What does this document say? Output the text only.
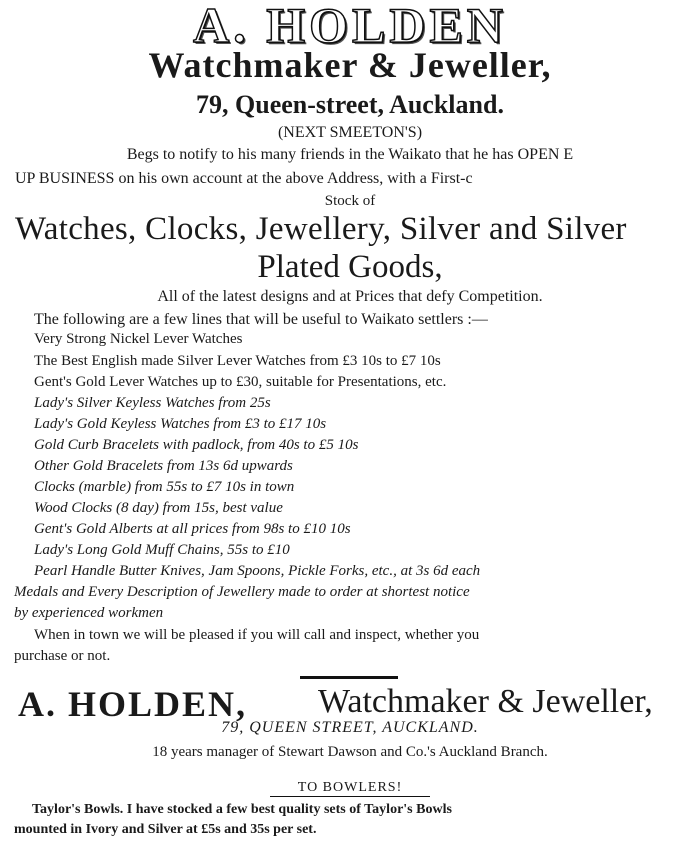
A. HOLDEN
Watchmaker & Jeweller,
79, Queen-street, Auckland.
(NEXT SMEETON'S)
Begs to notify to his many friends in the Waikato that he has OPEN E
UP BUSINESS on his own account at the above Address, with a First-c
Stock of
Watches, Clocks, Jewellery, Silver and Silver
Plated Goods,
All of the latest designs and at Prices that defy Competition.
The following are a few lines that will be useful to Waikato settlers :—
Very Strong Nickel Lever Watches
The Best English made Silver Lever Watches from £3 10s to £7 10s
Gent's Gold Lever Watches up to £30, suitable for Presentations, etc.
Lady's Silver Keyless Watches from 25s
Lady's Gold Keyless Watches from £3 to £17 10s
Gold Curb Bracelets with padlock, from 40s to £5 10s
Other Gold Bracelets from 13s 6d upwards
Clocks (marble) from 55s to £7 10s in town
Wood Clocks (8 day) from 15s, best value
Gent's Gold Alberts at all prices from 98s to £10 10s
Lady's Long Gold Muff Chains, 55s to £10
Pearl Handle Butter Knives, Jam Spoons, Pickle Forks, etc., at 3s 6d each
Medals and Every Description of Jewellery made to order at shortest notice
by experienced workmen
When in town we will be pleased if you will call and inspect, whether you
purchase or not.
A. HOLDEN, Watchmaker & Jeweller,
79, QUEEN STREET, AUCKLAND.
18 years manager of Stewart Dawson and Co.'s Auckland Branch.
TO BOWLERS!
Taylor's Bowls. I have stocked a few best quality sets of Taylor's Bowls
mounted in Ivory and Silver at £5s and 35s per set.
